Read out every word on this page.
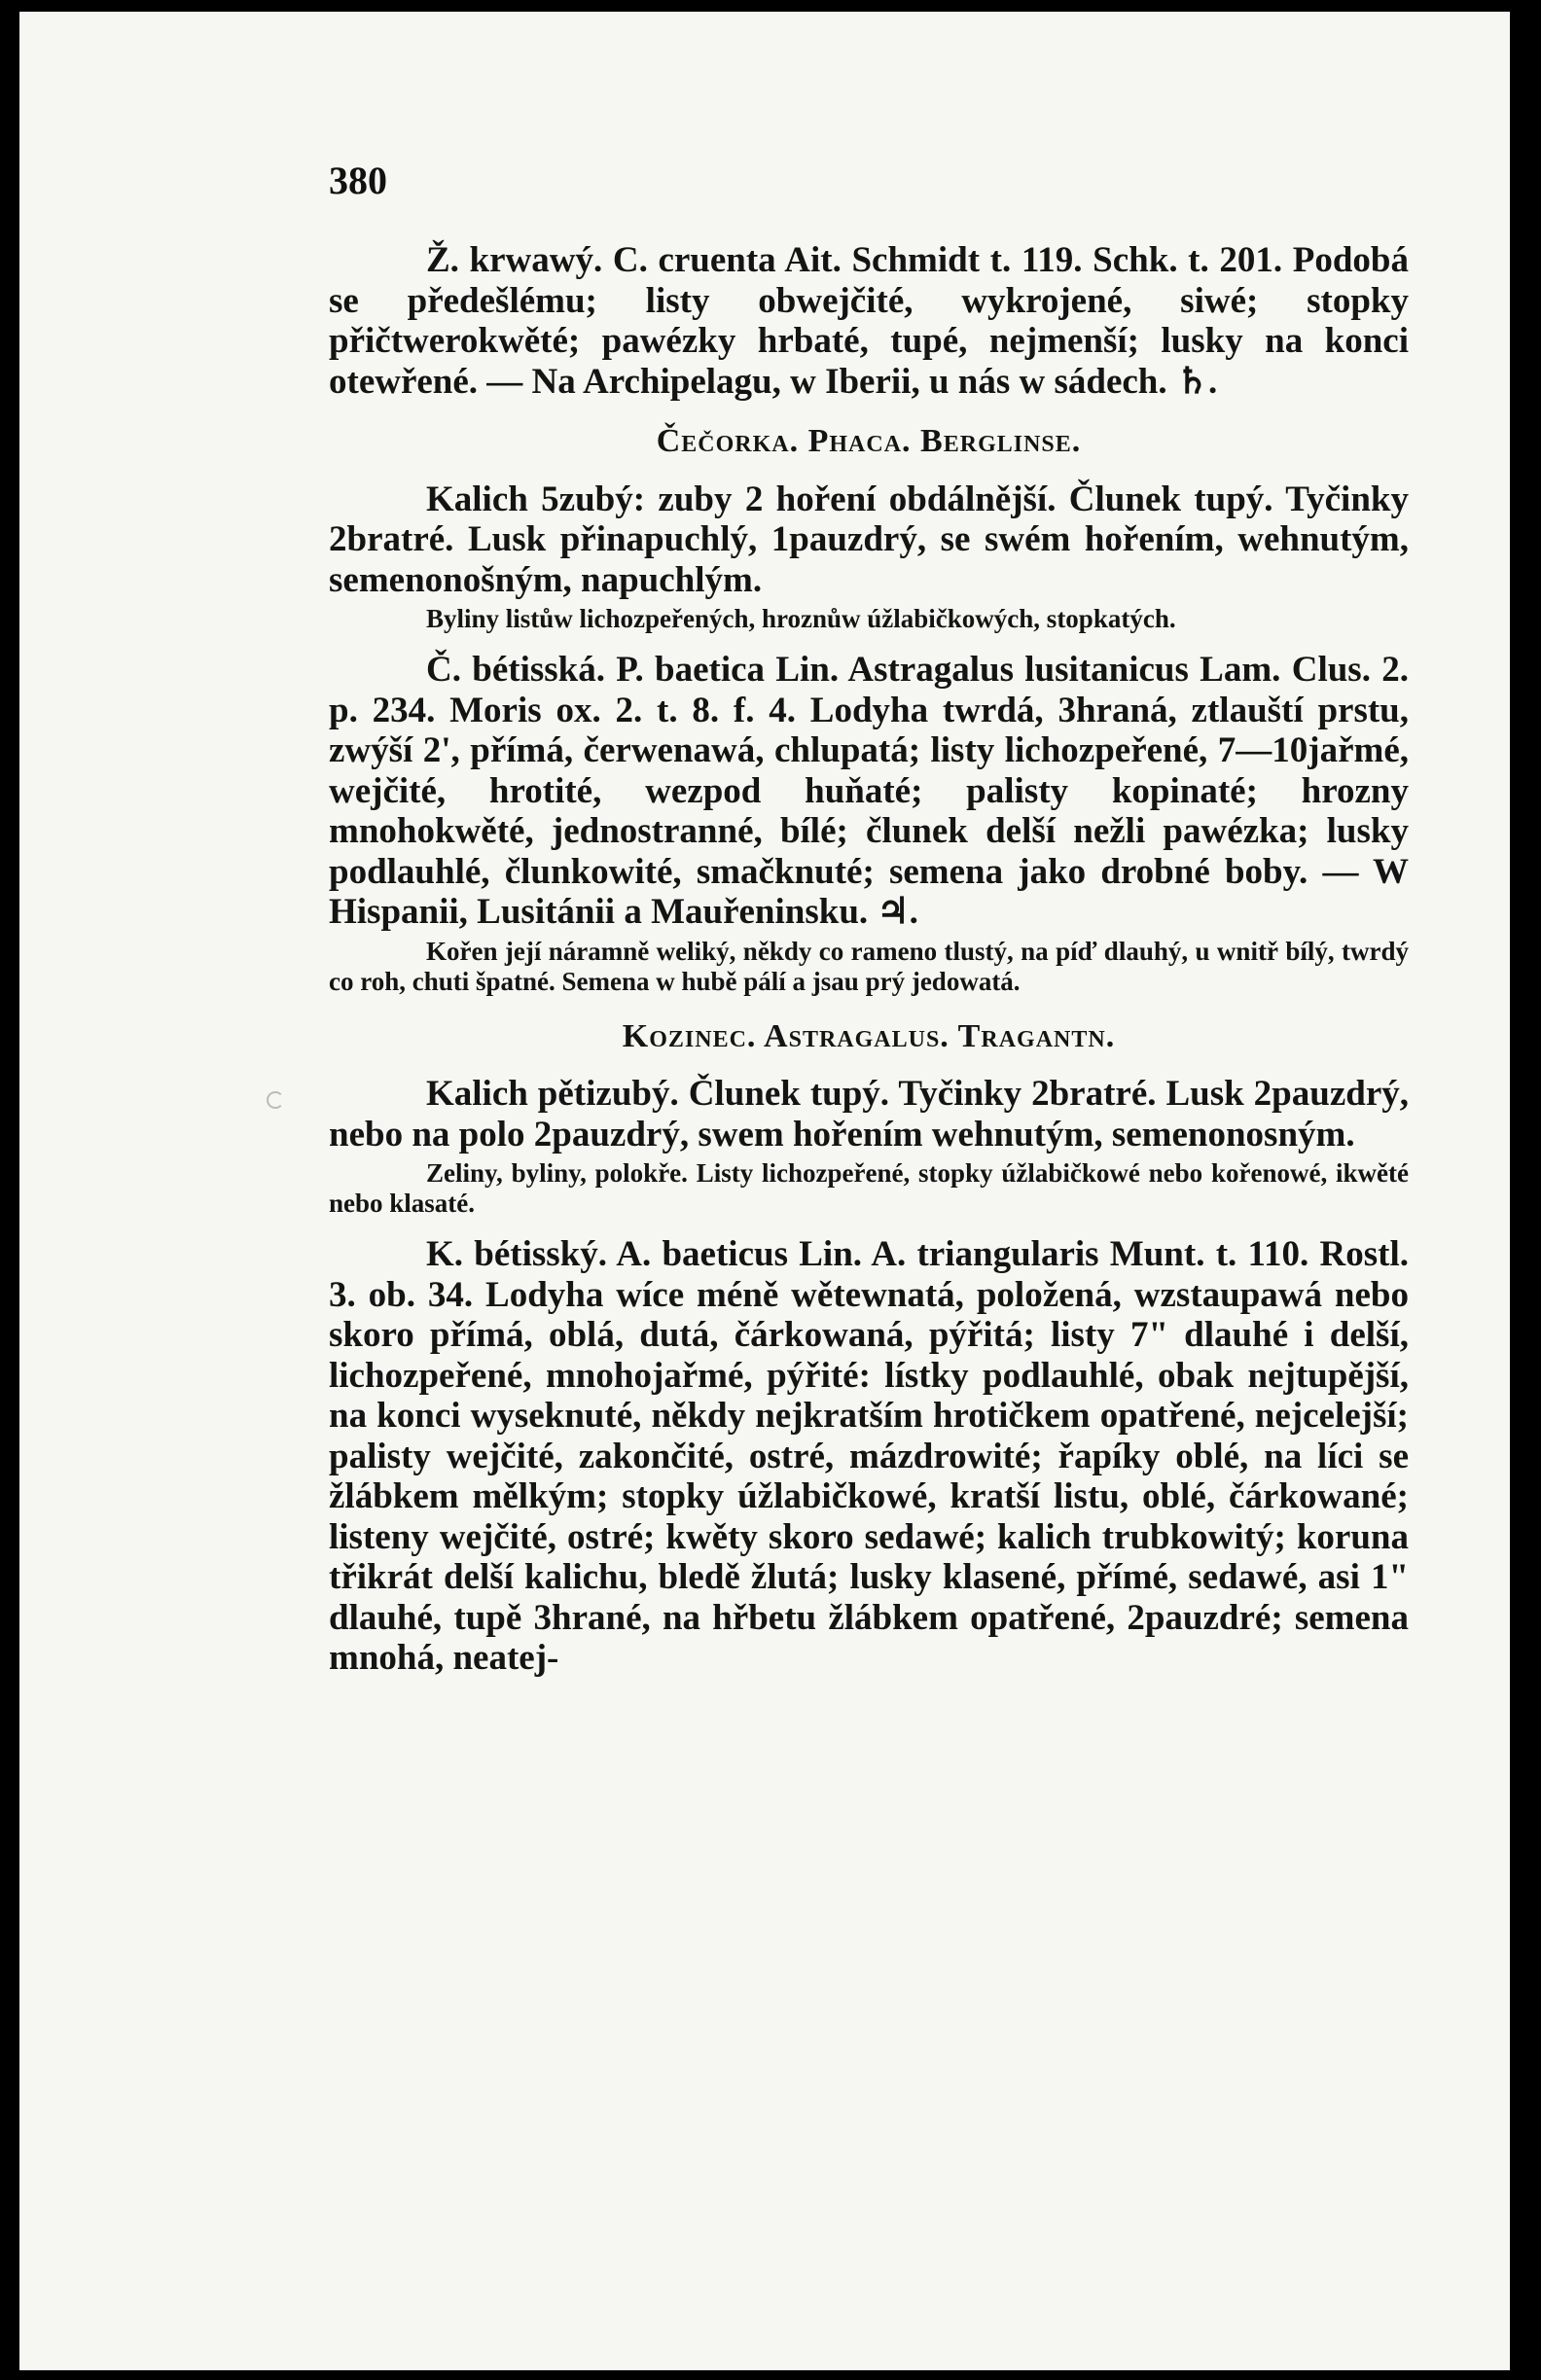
380

Ž. krwawý. C. cruenta Ait. Schmidt t. 119. Schk. t. 201. Podobá se předešlému; listy obwejčité, wykrojené, siwé; stopky přičtwerokwěté; pawézky hrbaté, tupé, nejmenší; lusky na konci otewřené. — Na Archipelagu, w Iberii, u nás w sádech. ♄.

Čečorka. Phaca. Berglinse.

Kalich 5zubý: zuby 2 hoření obdálnější. Člunek tupý. Tyčinky 2bratré. Lusk přinapuchlý, 1pauzdrý, se swém hořením, wehnutým, semenonošným, napuchlým.

Byliny listůw lichozpeřených, hroznůw úžlabičkowých, stopkatých.

Č. bétisská. P. baetica Lin. Astragalus lusitanicus Lam. Clus. 2. p. 234. Moris ox. 2. t. 8. f. 4. Lodyha twrdá, 3hraná, ztlauští prstu, zwýší 2', přímá, čerwenawá, chlupatá; listy lichozpeřené, 7—10jařmé, wejčité, hrotité, wezpod huňaté; palisty kopinaté; hrozny mnohokwěté, jednostranné, bílé; člunek delší nežli pawézka; lusky podlauhlé, člunkowité, smačknuté; semena jako drobné boby. — W Hispanii, Lusitánii a Mauřeninsku. ♃.

Kořen její náramně weliký, někdy co rameno tlustý, na píď dlauhý, u wnitř bílý, twrdý co roh, chuti špatné. Semena w hubě pálí a jsau prý jedowatá.

Kozinec. Astragalus. Tragantn.

Kalich pětizubý. Člunek tupý. Tyčinky 2bratré. Lusk 2pauzdrý, nebo na polo 2pauzdrý, swem hořením wehnutým, semenonosným.

Zeliny, byliny, polokře. Listy lichozpeřené, stopky úžlabičkowé nebo kořenowé, ikwěté nebo klasaté.

K. bétisský. A. baeticus Lin. A. triangularis Munt. t. 110. Rostl. 3. ob. 34. Lodyha wíce méně wětewnatá, položená, wzstaupawá nebo skoro přímá, oblá, dutá, čárkowaná, pýřitá; listy 7" dlauhé i delší, lichozpeřené, mnohojařmé, pýřité: lístky podlauhlé, obak nejtupější, na konci wyseknuté, někdy nejkratším hrotičkem opatřené, nejcelejší; palisty wejčité, zakončité, ostré, mázdrowité; řapíky oblé, na líci se žlábkem mělkým; stopky úžlabičkowé, kratší listu, oblé, čárkowané; listeny wejčité, ostré; kwěty skoro sedawé; kalich trubkowitý; koruna třikrát delší kalichu, bledě žlutá; lusky klasené, přímé, sedawé, asi 1" dlauhé, tupě 3hrané, na hřbetu žlábkem opatřené, 2pauzdré; semena mnohá, neatej-
